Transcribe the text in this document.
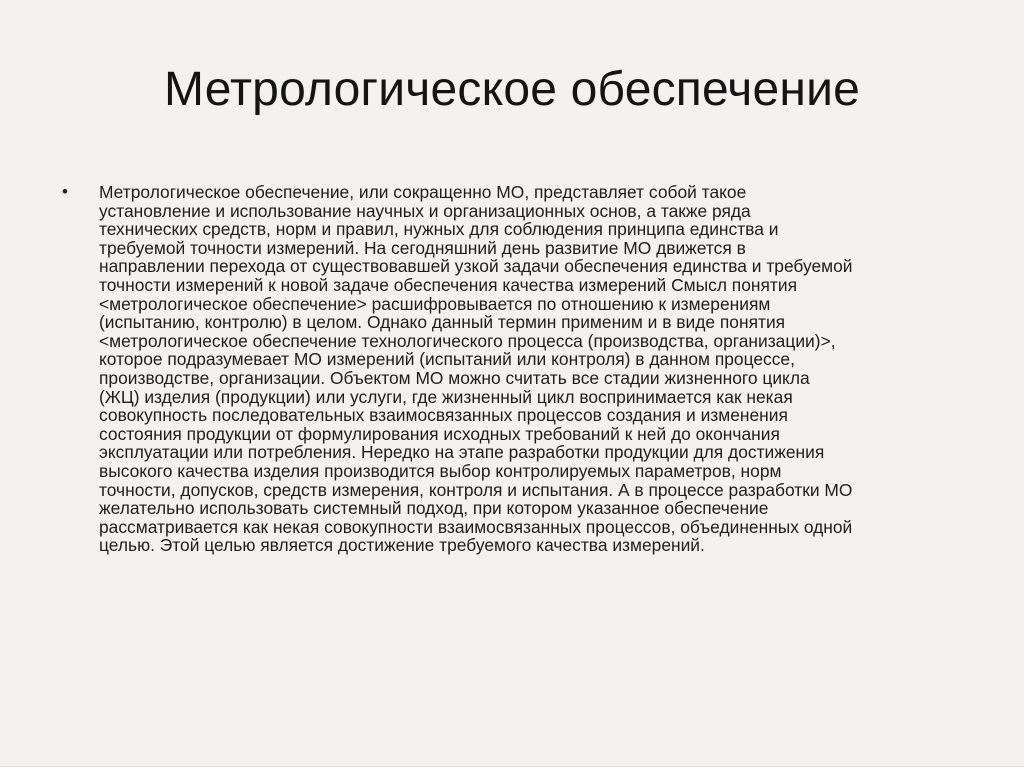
Метрологическое обеспечение
• Метрологическое обеспечение, или сокращенно МО, представляет собой такое
установление и использование научных и организационных основ, а также ряда
технических средств, норм и правил, нужных для соблюдения принципа единства и
требуемой точности измерений. На сегодняшний день развитие МО движется в
направлении перехода от существовавшей узкой задачи обеспечения единства и требуемой
точности измерений к новой задаче обеспечения качества измерений Смысл понятия
<метрологическое обеспечение> расшифровывается по отношению к измерениям
(испытанию, контролю) в целом. Однако данный термин применим и в виде понятия
<метрологическое обеспечение технологического процесса (производства, организации)>,
которое подразумевает МО измерений (испытаний или контроля) в данном процессе,
производстве, организации. Объектом МО можно считать все стадии жизненного цикла
(ЖЦ) изделия (продукции) или услуги, где жизненный цикл воспринимается как некая
совокупность последовательных взаимосвязанных процессов создания и изменения
состояния продукции от формулирования исходных требований к ней до окончания
эксплуатации или потребления. Нередко на этапе разработки продукции для достижения
высокого качества изделия производится выбор контролируемых параметров, норм
точности, допусков, средств измерения, контроля и испытания. А в процессе разработки МО
желательно использовать системный подход, при котором указанное обеспечение
рассматривается как некая совокупности взаимосвязанных процессов, объединенных одной
целью. Этой целью является достижение требуемого качества измерений.
